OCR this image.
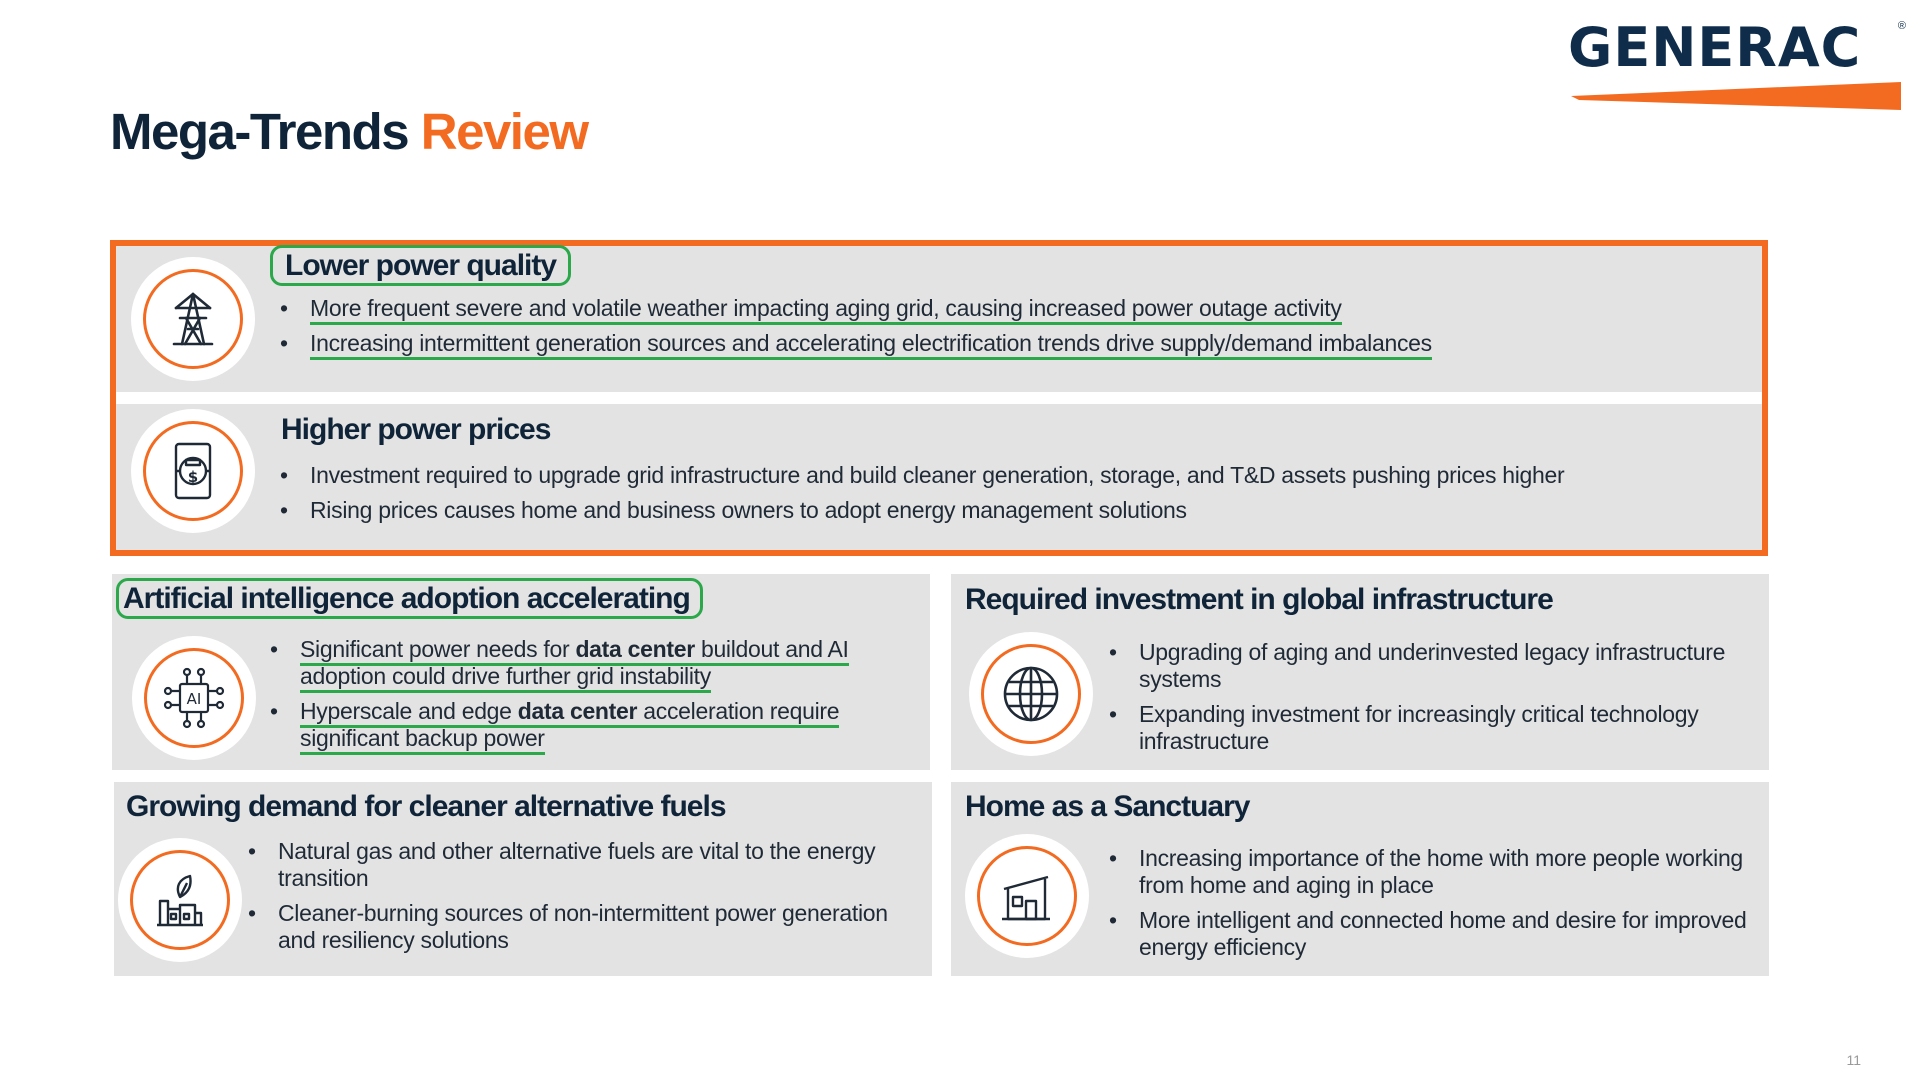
GENERAC	®
Mega-Trends Review
Lower power quality
• More frequent severe and volatile weather impacting aging grid, causing increased power outage activity
• Increasing intermittent generation sources and accelerating electrification trends drive supply/demand imbalances
$
Higher power prices
• Investment required to upgrade grid infrastructure and build cleaner generation, storage, and T&D assets pushing prices higher
• Rising prices causes home and business owners to adopt energy management solutions
Artificial intelligence adoption accelerating
AI
• Significant power needs for data center buildout and AI
adoption could drive further grid instability
• Hyperscale and edge data center acceleration require
significant backup power
Required investment in global infrastructure
• Upgrading of aging and underinvested legacy infrastructure systems
• Expanding investment for increasingly critical technology infrastructure
Growing demand for cleaner alternative fuels
• Natural gas and other alternative fuels are vital to the energy transition
• Cleaner-burning sources of non-intermittent power generation and resiliency solutions
Home as a Sanctuary
• Increasing importance of the home with more people working from home and aging in place
• More intelligent and connected home and desire for improved energy efficiency
11
